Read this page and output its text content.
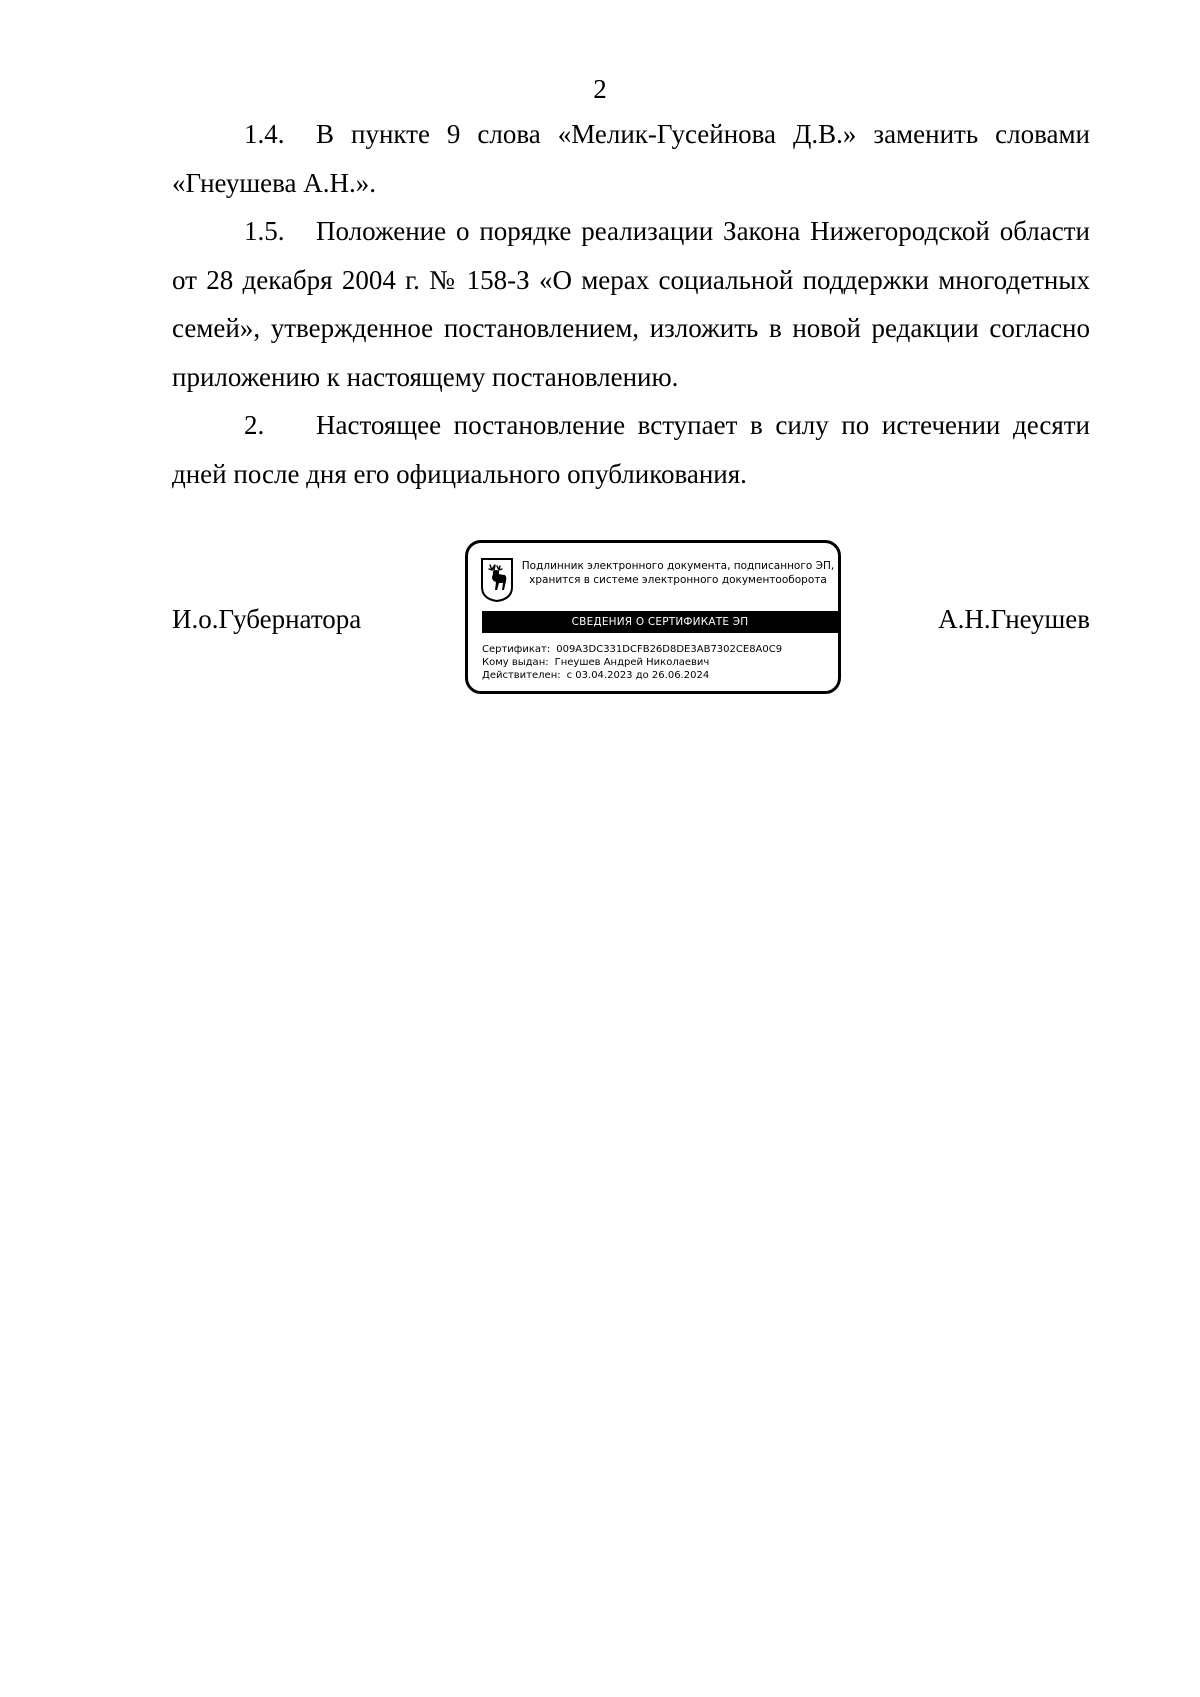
2

1.4. В пункте 9 слова «Мелик-Гусейнова Д.В.» заменить словами «Гнеушева А.Н.».

1.5. Положение о порядке реализации Закона Нижегородской области от 28 декабря 2004 г. № 158-З «О мерах социальной поддержки многодетных семей», утвержденное постановлением, изложить в новой редакции согласно приложению к настоящему постановлению.

2. Настоящее постановление вступает в силу по истечении десяти дней после дня его официального опубликования.

И.о.Губернатора
Подлинник электронного документа, подписанного ЭП,
хранится в системе электронного документооборота
СВЕДЕНИЯ О СЕРТИФИКАТЕ ЭП
Сертификат: 009A3DC331DCFB26D8DE3AB7302CE8A0C9
Кому выдан: Гнеушев Андрей Николаевич
Действителен: с 03.04.2023 до 26.06.2024
А.Н.Гнеушев
